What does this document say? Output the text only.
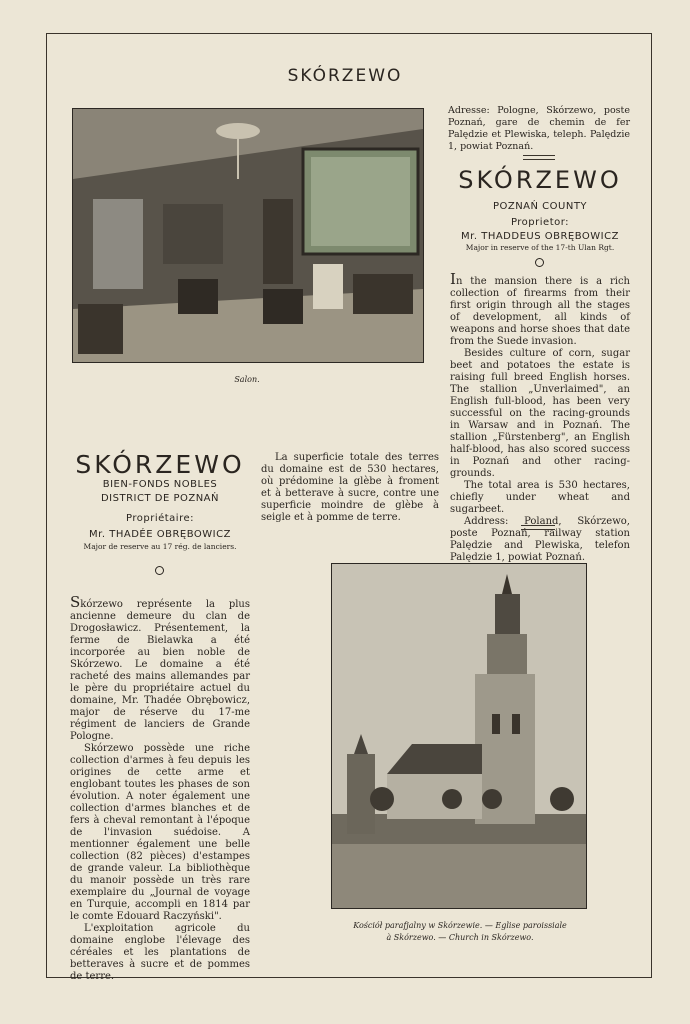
SKÓRZEWO
Salon.
Adresse: Pologne, Skórzewo, poste Poznań, gare de chemin de fer Palędzie et Plewiska, teleph. Palędzie 1, powiat Poznań.
SKÓRZEWO
POZNAŃ COUNTY
Proprietor:
Mr. THADDEUS OBRĘBOWICZ
Major in reserve of the 17-th Ulan Rgt.

In the mansion there is a rich collection of firearms from their first origin through all the stages of development, all kinds of weapons and horse shoes that date from the Suede invasion.

Besides culture of corn, sugar beet and potatoes the estate is raising full breed English horses. The stallion „Unverlaimed", an English full-blood, has been very successful on the racing-grounds in Warsaw and in Poznań. The stallion „Fürstenberg", an English half-blood, has also scored success in Poznań and other racing-grounds.

The total area is 530 hectares, chiefly under wheat and sugarbeet.

Address: Poland, Skórzewo, poste Poznań, railway station Palędzie and Plewiska, telefon Palędzie 1, powiat Poznań.

SKÓRZEWO
BIEN-FONDS NOBLES
DISTRICT DE POZNAŃ
Propriétaire:
Mr. THADÉE OBRĘBOWICZ
Major de reserve au 17 rég. de lanciers.
La superficie totale des terres du domaine est de 530 hectares, où prédomine la glèbe à froment et à betterave à sucre, contre une superficie moindre de glèbe à seigle et à pomme de terre.

Skórzewo représente la plus ancienne demeure du clan de Drogosławicz. Présentement, la ferme de Bielawka a été incorporée au bien noble de Skórzewo. Le domaine a été racheté des mains allemandes par le père du propriétaire actuel du domaine, Mr. Thadée Obrębowicz, major de réserve du 17-me régiment de lanciers de Grande Pologne.

Skórzewo possède une riche collection d'armes à feu depuis les origines de cette arme et englobant toutes les phases de son évolution. A noter également une collection d'armes blanches et de fers à cheval remontant à l'époque de l'invasion suédoise. A mentionner également une belle collection (82 pièces) d'estampes de grande valeur. La bibliothèque du manoir possède un très rare exemplaire du „Journal de voyage en Turquie, accompli en 1814 par le comte Edouard Raczyński".

L'exploitation agricole du domaine englobe l'élevage des céréales et les plantations de betteraves à sucre et de pommes de terre.

Kościół parafjalny w Skórzewie. — Eglise paroissiale
à Skórzewo. — Church in Skórzewo.
